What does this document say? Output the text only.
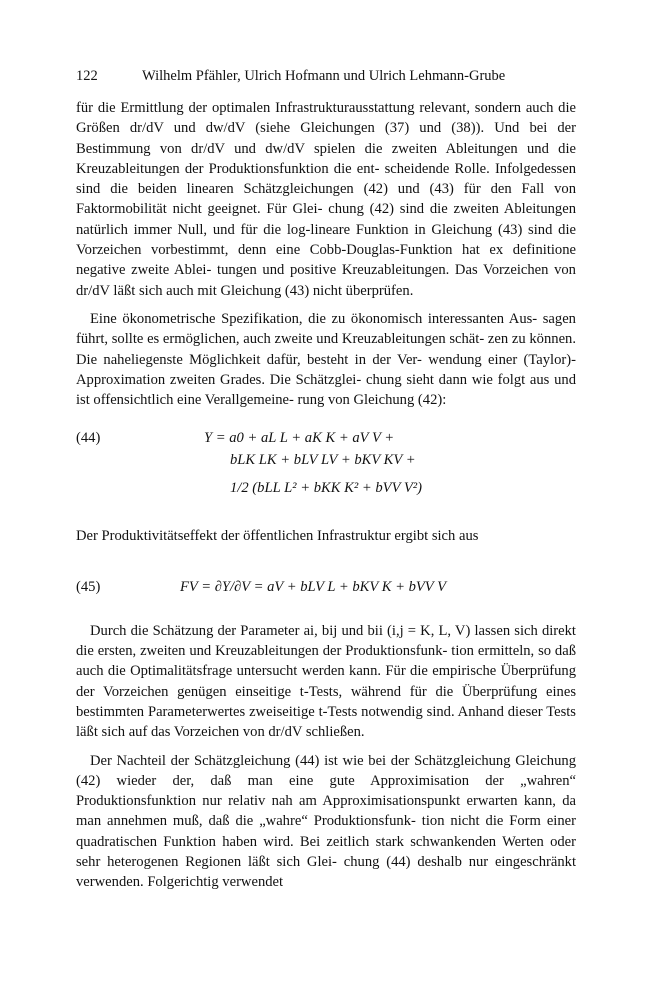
122	Wilhelm Pfähler, Ulrich Hofmann und Ulrich Lehmann-Grube

für die Ermittlung der optimalen Infrastrukturausstattung relevant, sondern auch die Größen dr/dV und dw/dV (siehe Gleichungen (37) und (38)). Und bei der Bestimmung von dr/dV und dw/dV spielen die zweiten Ableitungen und die Kreuzableitungen der Produktionsfunktion die ent- scheidende Rolle. Infolgedessen sind die beiden linearen Schätzgleichungen (42) und (43) für den Fall von Faktormobilität nicht geeignet. Für Glei- chung (42) sind die zweiten Ableitungen natürlich immer Null, und für die log-lineare Funktion in Gleichung (43) sind die Vorzeichen vorbestimmt, denn eine Cobb-Douglas-Funktion hat ex definitione negative zweite Ablei- tungen und positive Kreuzableitungen. Das Vorzeichen von dr/dV läßt sich auch mit Gleichung (43) nicht überprüfen.

Eine ökonometrische Spezifikation, die zu ökonomisch interessanten Aus- sagen führt, sollte es ermöglichen, auch zweite und Kreuzableitungen schät- zen zu können. Die naheliegenste Möglichkeit dafür, besteht in der Ver- wendung einer (Taylor)-Approximation zweiten Grades. Die Schätzglei- chung sieht dann wie folgt aus und ist offensichtlich eine Verallgemeine- rung von Gleichung (42):

(44)	Y = a0 + aL L + aK K + aV V +
bLK LK + bLV LV + bKV KV +
1/2 (bLL L² + bKK K² + bVV V²)

Der Produktivitätseffekt der öffentlichen Infrastruktur ergibt sich aus

(45)	FV = ∂Y/∂V = aV + bLV L + bKV K + bVV V

Durch die Schätzung der Parameter ai, bij und bii (i,j = K, L, V) lassen sich direkt die ersten, zweiten und Kreuzableitungen der Produktionsfunk- tion ermitteln, so daß auch die Optimalitätsfrage untersucht werden kann. Für die empirische Überprüfung der Vorzeichen genügen einseitige t-Tests, während für die Überprüfung eines bestimmten Parameterwertes zweiseitige t-Tests notwendig sind. Anhand dieser Tests läßt sich auf das Vorzeichen von dr/dV schließen.

Der Nachteil der Schätzgleichung (44) ist wie bei der Schätzgleichung Gleichung (42) wieder der, daß man eine gute Approximisation der „wahren“ Produktionsfunktion nur relativ nah am Approximisationspunkt erwarten kann, da man annehmen muß, daß die „wahre“ Produktionsfunk- tion nicht die Form einer quadratischen Funktion haben wird. Bei zeitlich stark schwankenden Werten oder sehr heterogenen Regionen läßt sich Glei- chung (44) deshalb nur eingeschränkt verwenden. Folgerichtig verwendet
